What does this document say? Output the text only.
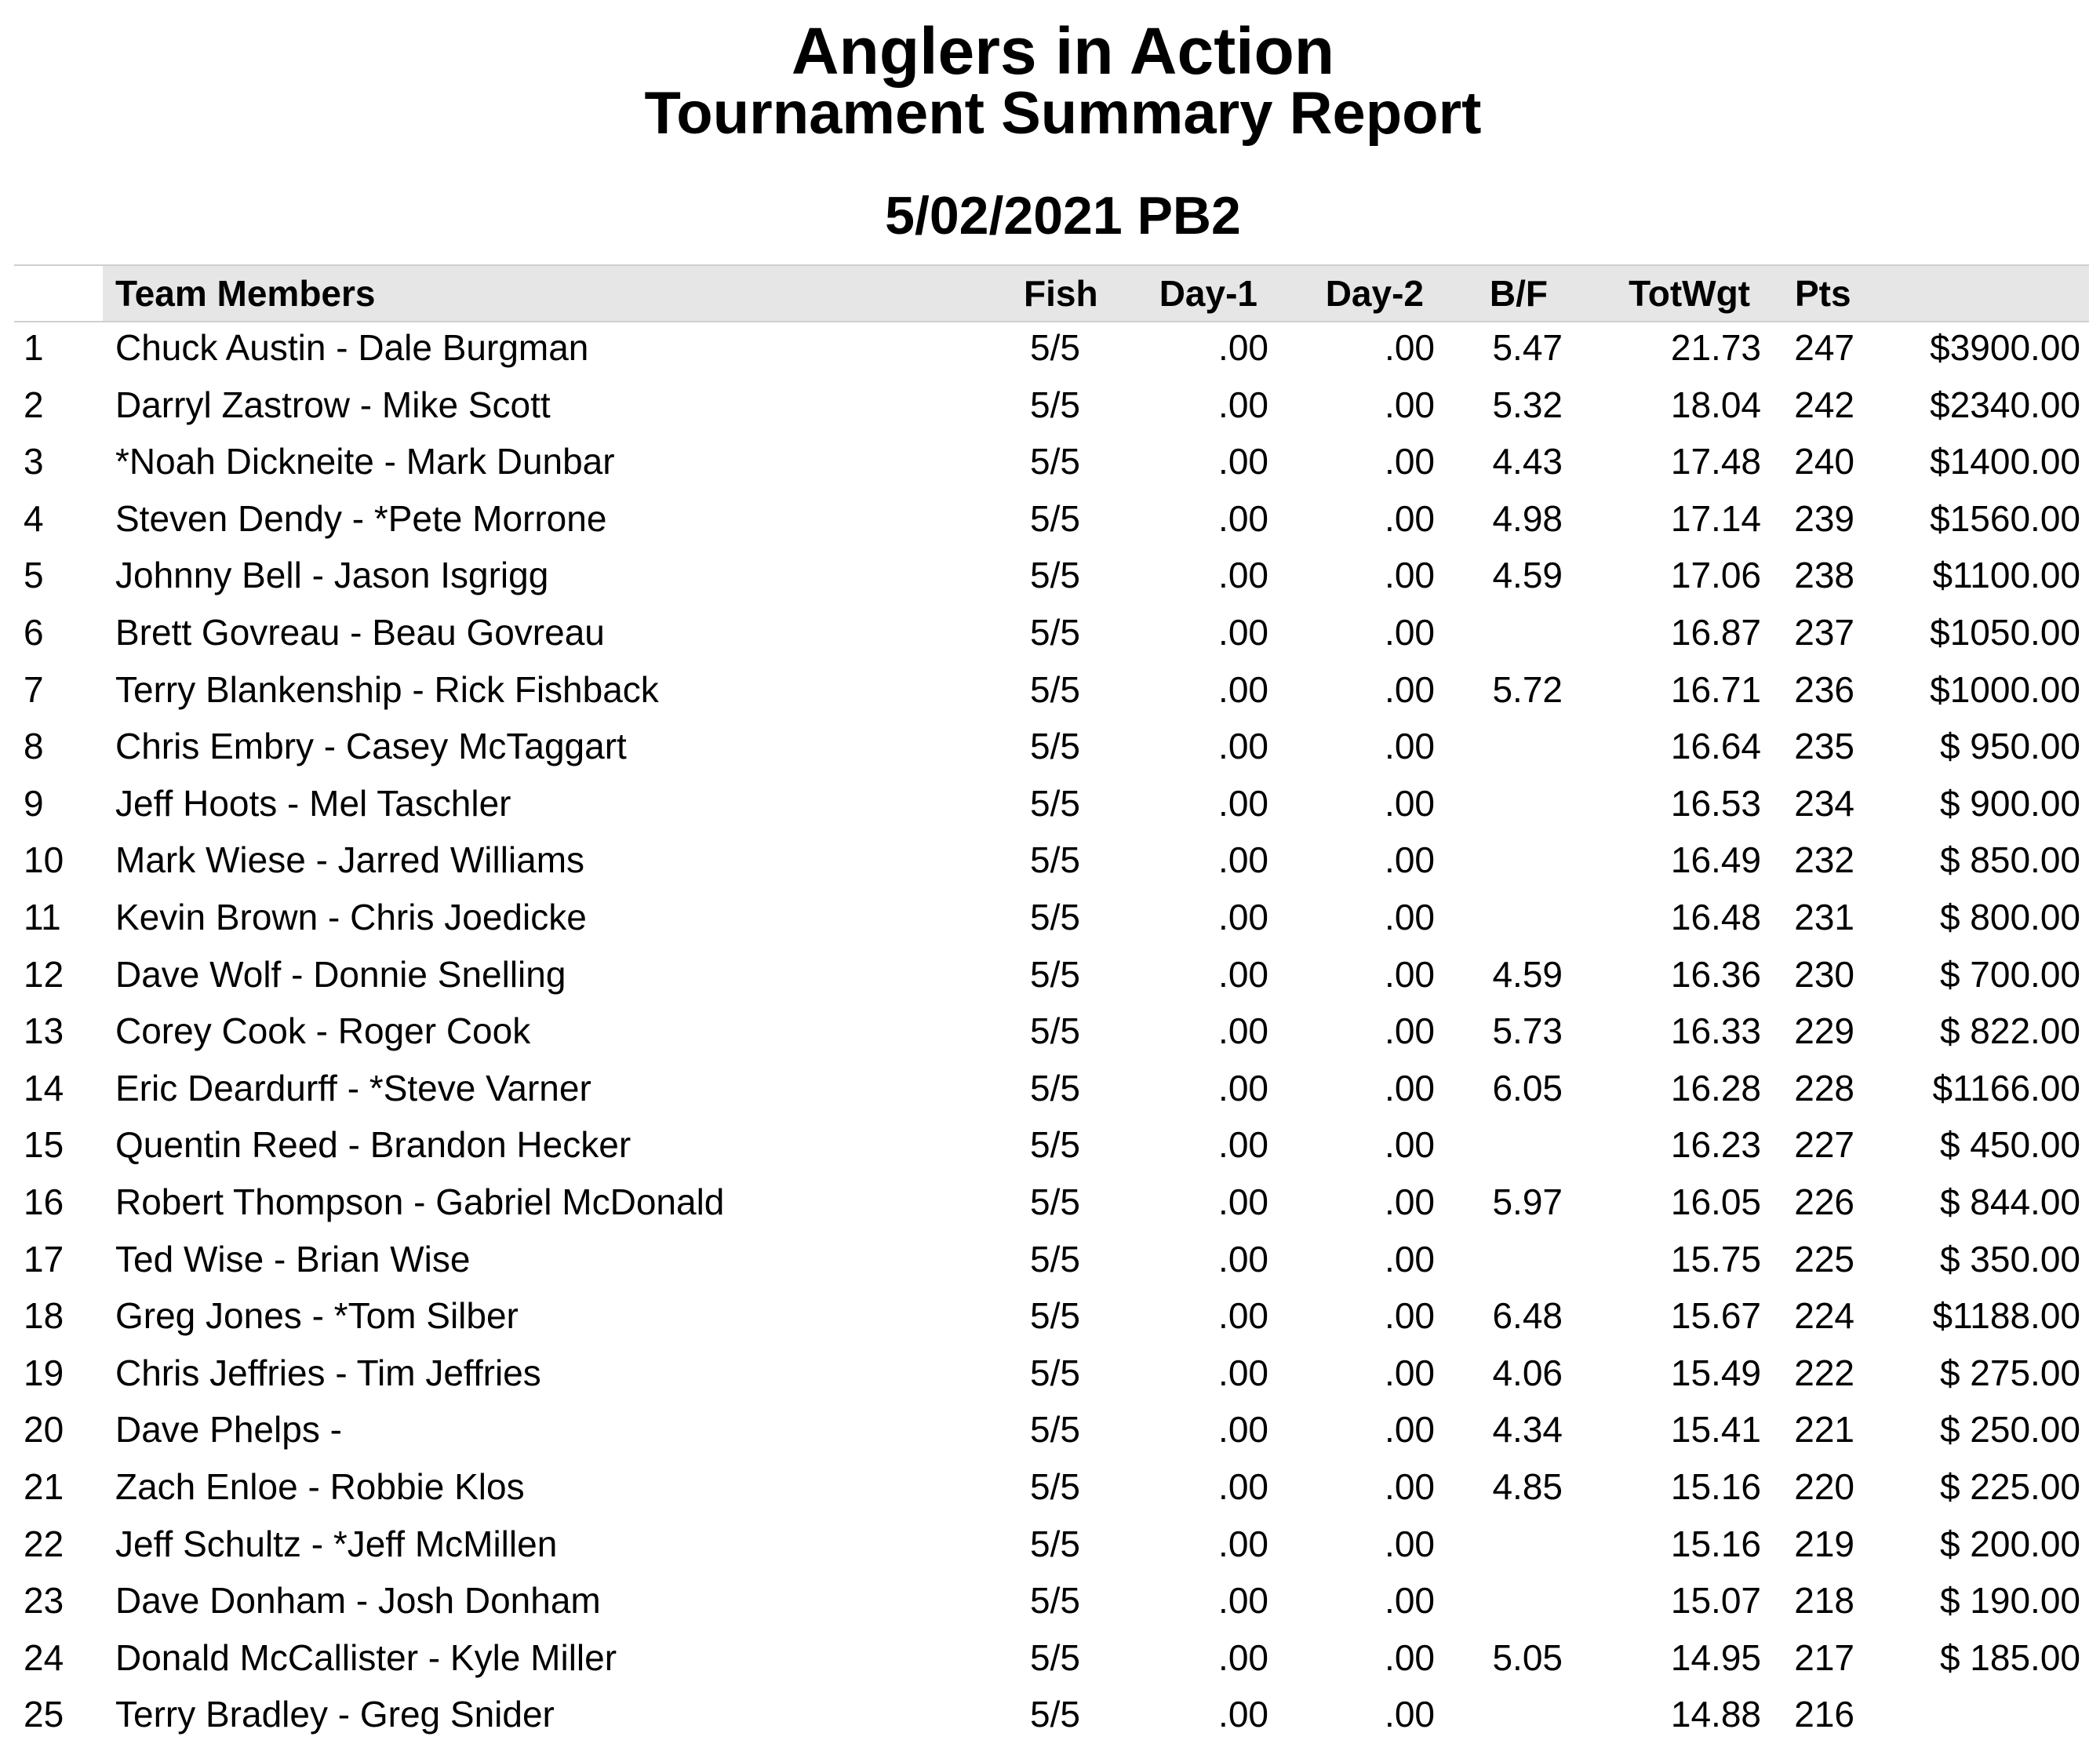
Anglers in Action
Tournament Summary Report
5/02/2021 PB2
Team Members	Fish Day-1 Day-2 B/F TotWgt Pts
1 Chuck Austin - Dale Burgman	5/5	.00	.00 5.47	21.73 247 $3900.00
2 Darryl Zastrow - Mike Scott	5/5	.00	.00 5.32	18.04 242 $2340.00
3 *Noah Dickneite - Mark Dunbar	5/5	.00	.00 4.43	17.48 240 $1400.00
4 Steven Dendy - *Pete Morrone	5/5	.00	.00 4.98	17.14 239 $1560.00
5 Johnny Bell - Jason Isgrigg	5/5	.00	.00 4.59	17.06 238 $1100.00
6 Brett Govreau - Beau Govreau	5/5	.00	.00	16.87 237 $1050.00
7 Terry Blankenship - Rick Fishback	5/5	.00	.00 5.72	16.71 236 $1000.00
8 Chris Embry - Casey McTaggart	5/5	.00	.00	16.64 235 $ 950.00
9 Jeff Hoots - Mel Taschler	5/5	.00	.00	16.53 234 $ 900.00
10 Mark Wiese - Jarred Williams	5/5	.00	.00	16.49 232 $ 850.00
11 Kevin Brown - Chris Joedicke	5/5	.00	.00	16.48 231 $ 800.00
12 Dave Wolf - Donnie Snelling	5/5	.00	.00 4.59	16.36 230 $ 700.00
13 Corey Cook - Roger Cook	5/5	.00	.00 5.73	16.33 229 $ 822.00
14 Eric Deardurff - *Steve Varner	5/5	.00	.00 6.05	16.28 228 $1166.00
15 Quentin Reed - Brandon Hecker	5/5	.00	.00	16.23 227 $ 450.00
16 Robert Thompson - Gabriel McDonald	5/5	.00	.00 5.97	16.05 226 $ 844.00
17 Ted Wise - Brian Wise	5/5	.00	.00	15.75 225 $ 350.00
18 Greg Jones - *Tom Silber	5/5	.00	.00 6.48	15.67 224 $1188.00
19 Chris Jeffries - Tim Jeffries	5/5	.00	.00 4.06	15.49 222 $ 275.00
20 Dave Phelps -	5/5	.00	.00 4.34	15.41 221 $ 250.00
21 Zach Enloe - Robbie Klos	5/5	.00	.00 4.85	15.16 220 $ 225.00
22 Jeff Schultz - *Jeff McMillen	5/5	.00	.00	15.16 219 $ 200.00
23 Dave Donham - Josh Donham	5/5	.00	.00	15.07 218 $ 190.00
24 Donald McCallister - Kyle Miller	5/5	.00	.00 5.05	14.95 217 $ 185.00
25 Terry Bradley - Greg Snider	5/5	.00	.00	14.88 216
